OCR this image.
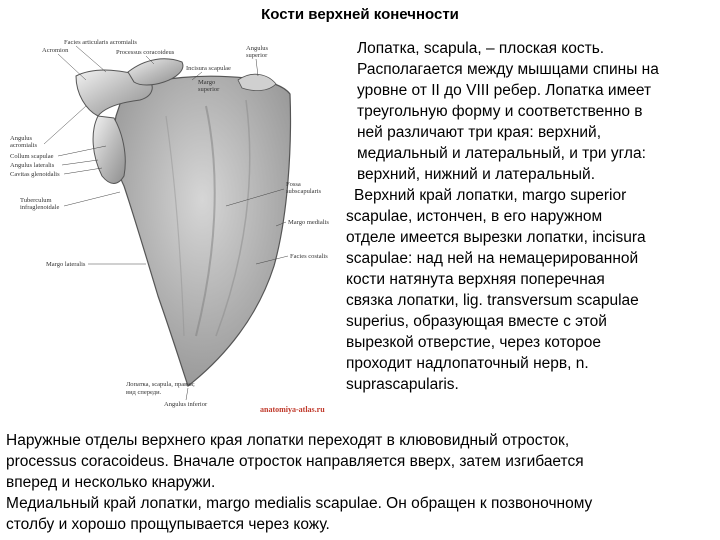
Кости верхней конечности
Facies articularis acromialis
Acromion	Processus coracoideus
Incisura scapulae
Angulus
superior
Margo
superior
Angulus
acromialis
Collum scapulae
Angulus lateralis
Cavitas glenoidalis
Tuberculum
infraglenoidale
Fossa
subscapularis
Margo medialis
Margo lateralis
Facies costalis
Angulus inferior
Лопатка, scapula, правая;
вид спереди.
anatomiya-atlas.ru
Лопатка, scapula, – плоская кость.
Располагается между мышцами спины на
уровне от II до VIII ребер. Лопатка имеет
треугольную форму и соответственно в
ней различают три края: верхний,
медиальный и латеральный, и три угла:
верхний, нижний и латеральный.
Верхний край лопатки, margo superior
scapulae, истончен, в его наружном
отделе имеется вырезки лопатки, incisura
scapulae: над ней на немацерированной
кости натянута верхняя поперечная
связка лопатки, lig. transversum scapulae
superius, образующая вместе с этой
вырезкой отверстие, через которое
проходит надлопаточный нерв, n.
suprascapularis.
Наружные отделы верхнего края лопатки переходят в клювовидный отросток,
processus coracoideus. Вначале отросток направляется вверх, затем изгибается
вперед и несколько кнаружи.
Медиальный край лопатки, margo medialis scapulae. Он обращен к позвоночному
столбу и хорошо прощупывается через кожу.
